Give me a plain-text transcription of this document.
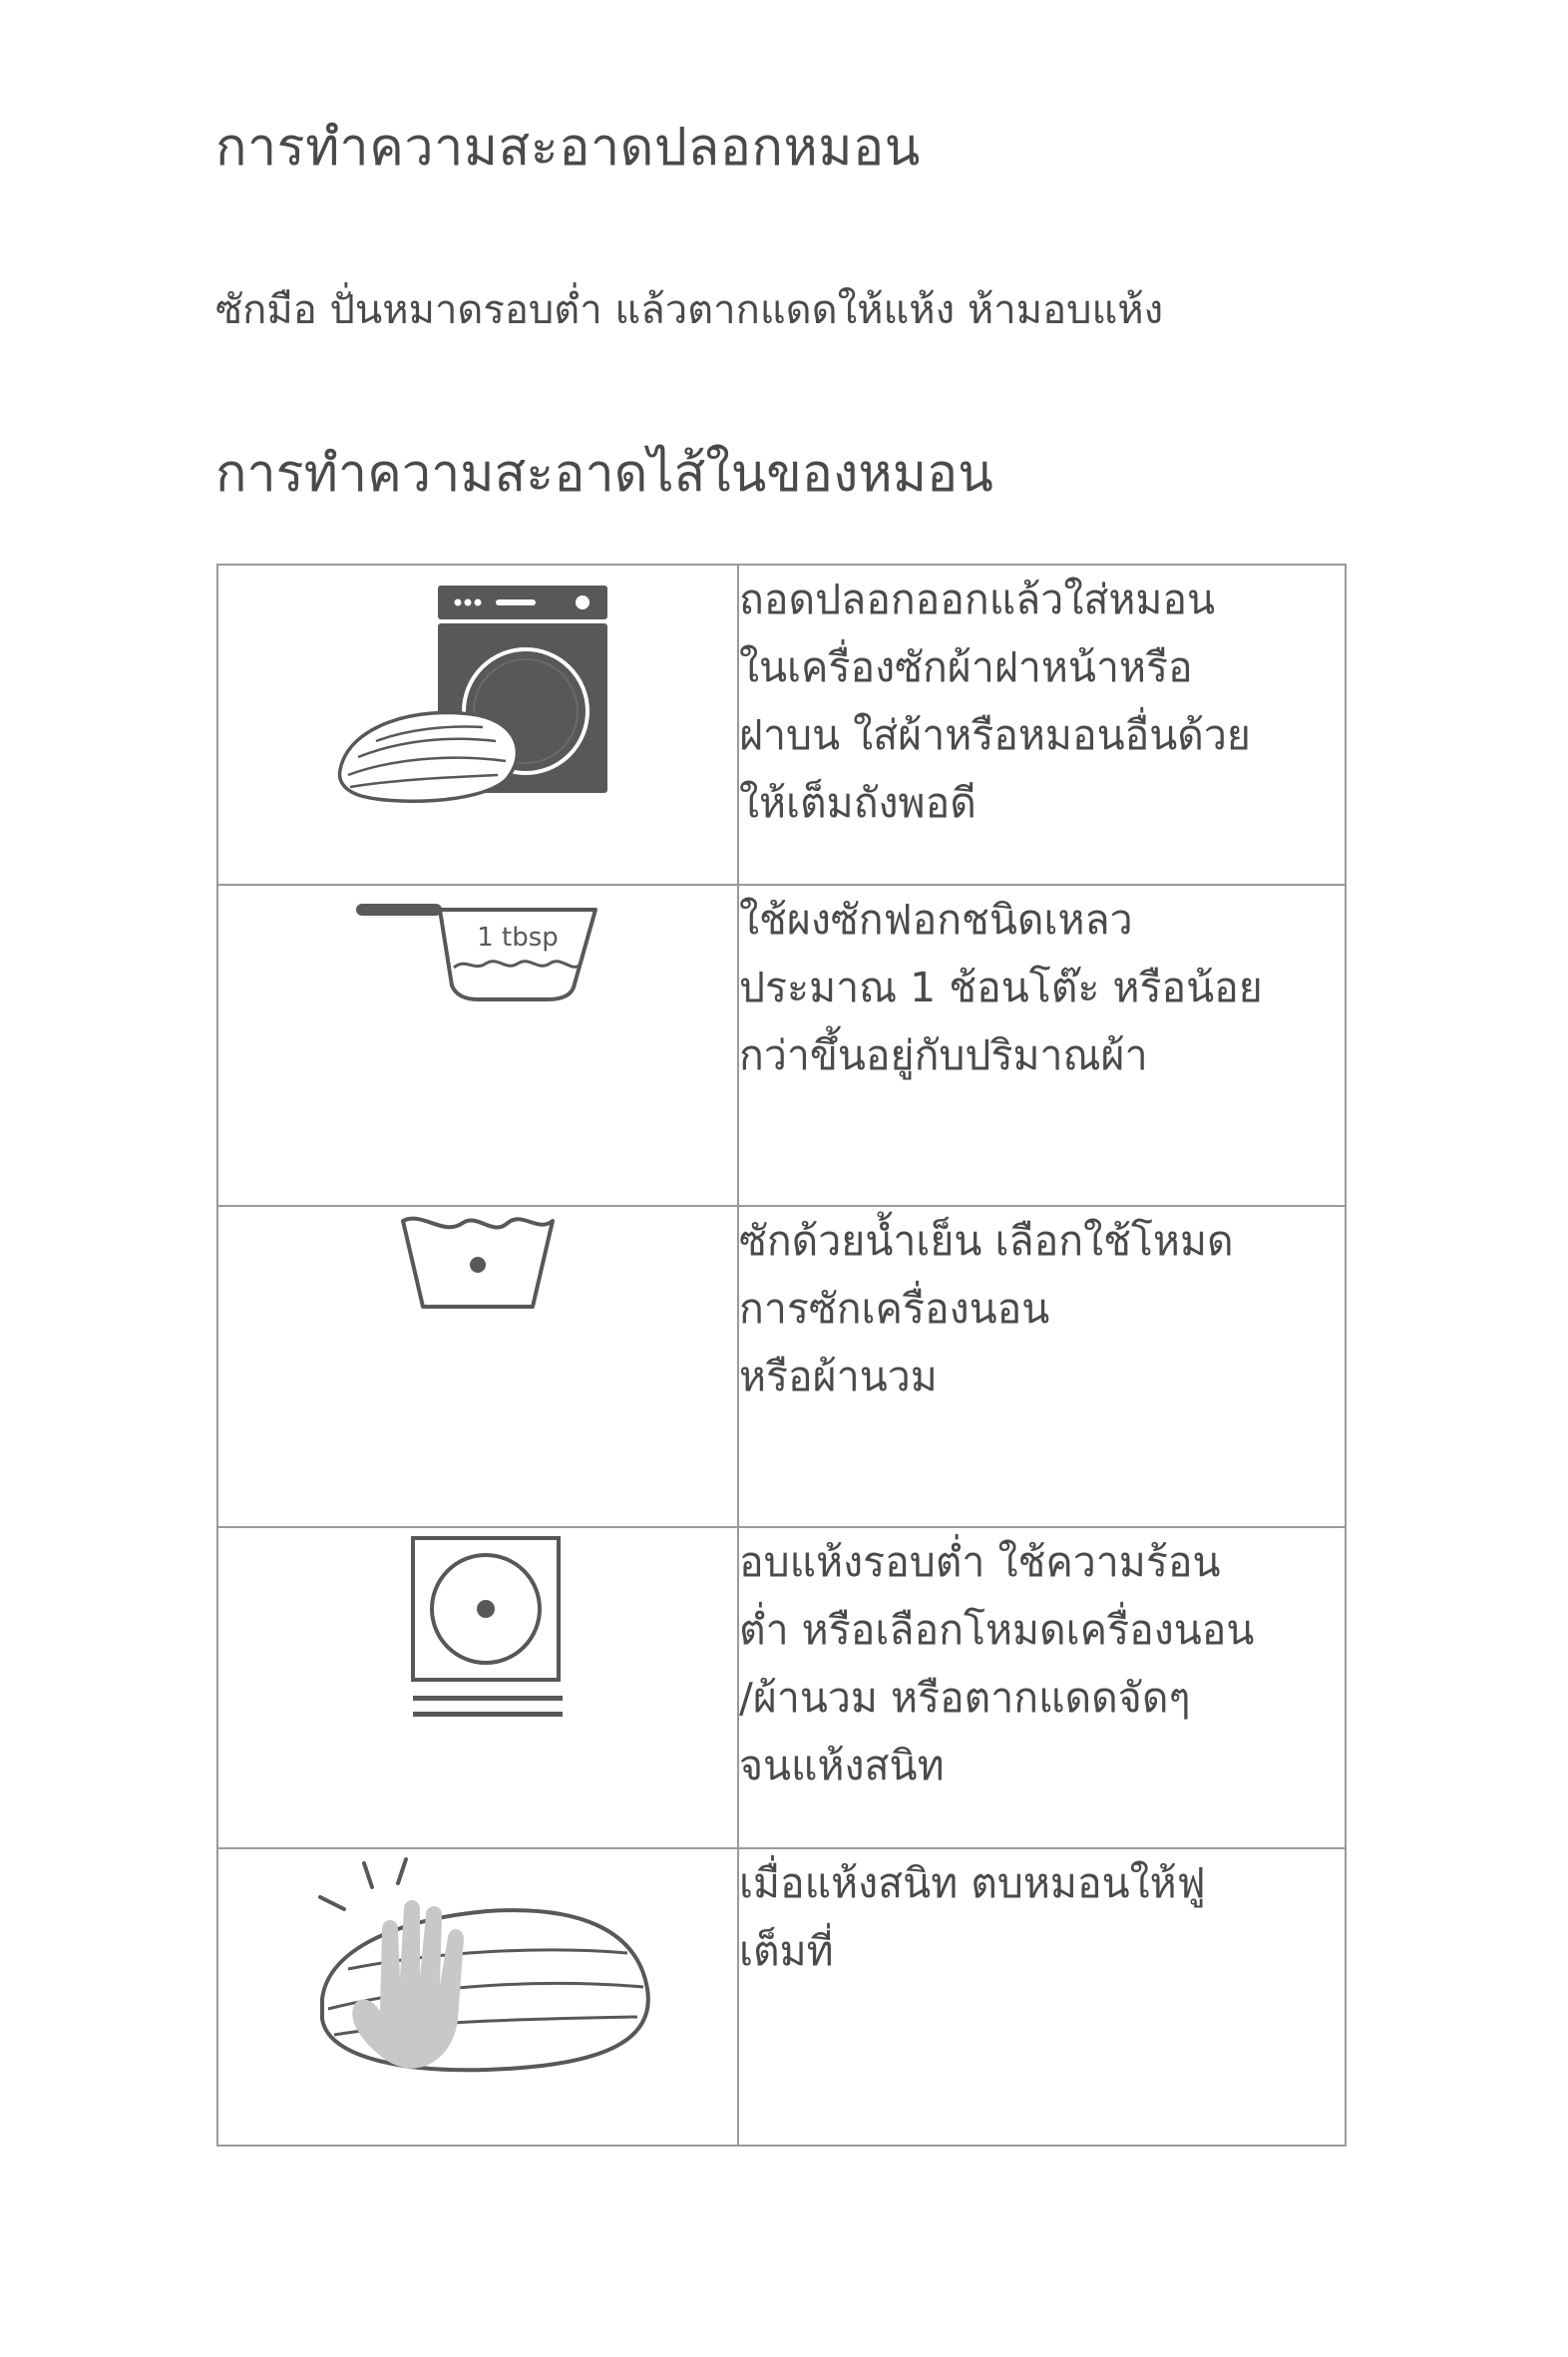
การทำความสะอาดปลอกหมอน
ซักมือ ปั่นหมาดรอบต่ำ แล้วตากแดดให้แห้ง ห้ามอบแห้ง
การทำความสะอาดไส้ในของหมอน

ถอดปลอกออกแล้วใส่หมอน
ในเครื่องซักผ้าฝาหน้าหรือ
ฝาบน ใส่ผ้าหรือหมอนอื่นด้วย
ให้เต็มถังพอดี

1 tbsp	ใช้ผงซักฟอกชนิดเหลว
ประมาณ 1 ช้อนโต๊ะ หรือน้อย
กว่าขึ้นอยู่กับปริมาณผ้า

ซักด้วยน้ำเย็น เลือกใช้โหมด
การซักเครื่องนอน
หรือผ้านวม

อบแห้งรอบต่ำ ใช้ความร้อน
ต่ำ หรือเลือกโหมดเครื่องนอน
/ผ้านวม หรือตากแดดจัดๆ
จนแห้งสนิท

เมื่อแห้งสนิท ตบหมอนให้ฟู
เต็มที่
